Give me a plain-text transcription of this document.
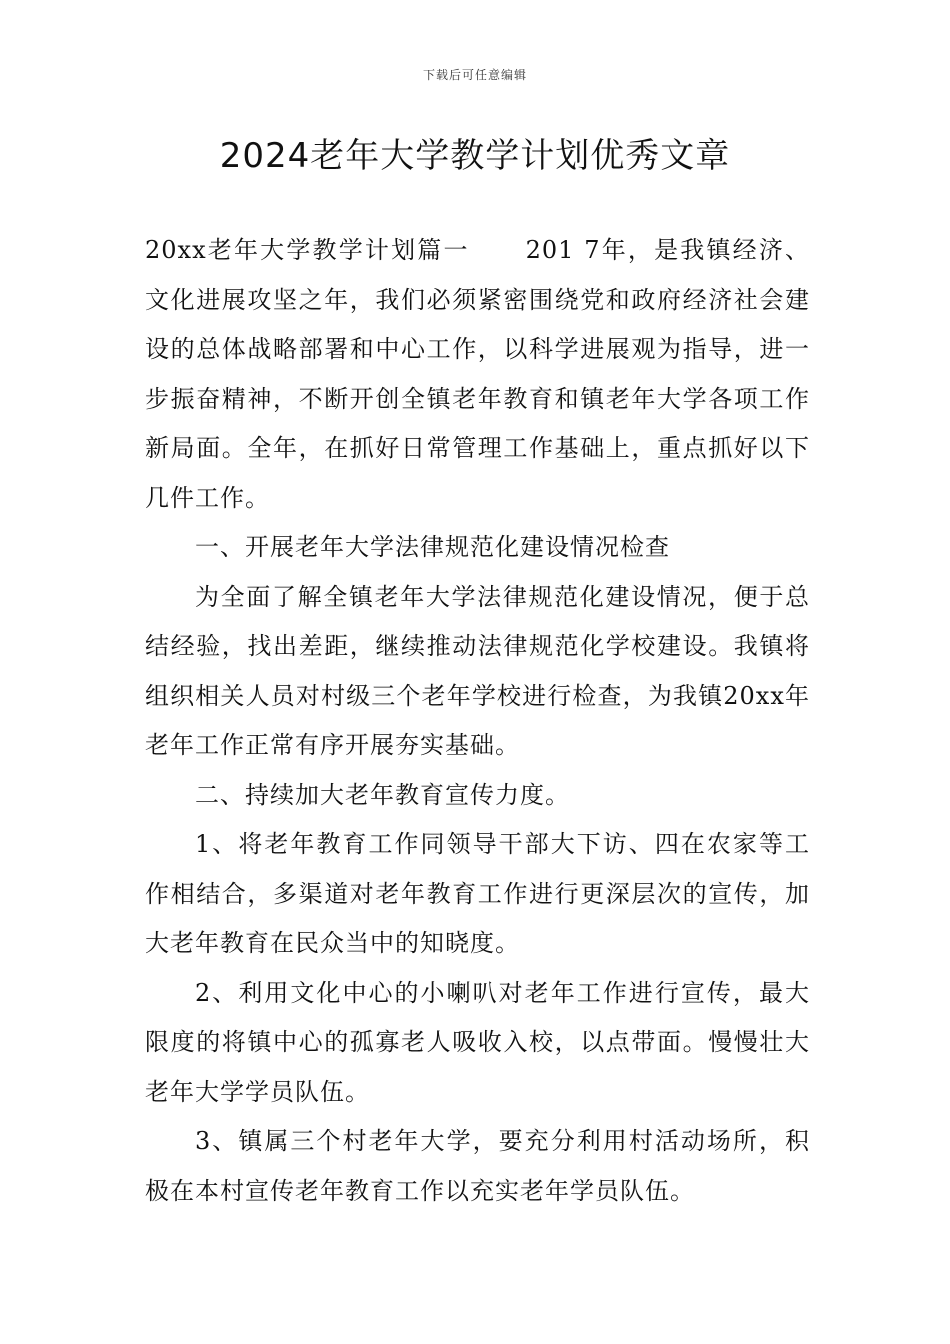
下载后可任意编辑
2024老年大学教学计划优秀文章

20xx老年大学教学计划篇一 201 7年，是我镇经济、文化进展攻坚之年，我们必须紧密围绕党和政府经济社会建设的总体战略部署和中心工作，以科学进展观为指导，进一步振奋精神，不断开创全镇老年教育和镇老年大学各项工作新局面。全年，在抓好日常管理工作基础上，重点抓好以下几件工作。

一、开展老年大学法律规范化建设情况检查

为全面了解全镇老年大学法律规范化建设情况，便于总结经验，找出差距，继续推动法律规范化学校建设。我镇将组织相关人员对村级三个老年学校进行检查，为我镇20xx年老年工作正常有序开展夯实基础。

二、持续加大老年教育宣传力度。

1、将老年教育工作同领导干部大下访、四在农家等工作相结合，多渠道对老年教育工作进行更深层次的宣传，加大老年教育在民众当中的知晓度。

2、利用文化中心的小喇叭对老年工作进行宣传，最大限度的将镇中心的孤寡老人吸收入校，以点带面。慢慢壮大老年大学学员队伍。

3、镇属三个村老年大学，要充分利用村活动场所，积极在本村宣传老年教育工作以充实老年学员队伍。
